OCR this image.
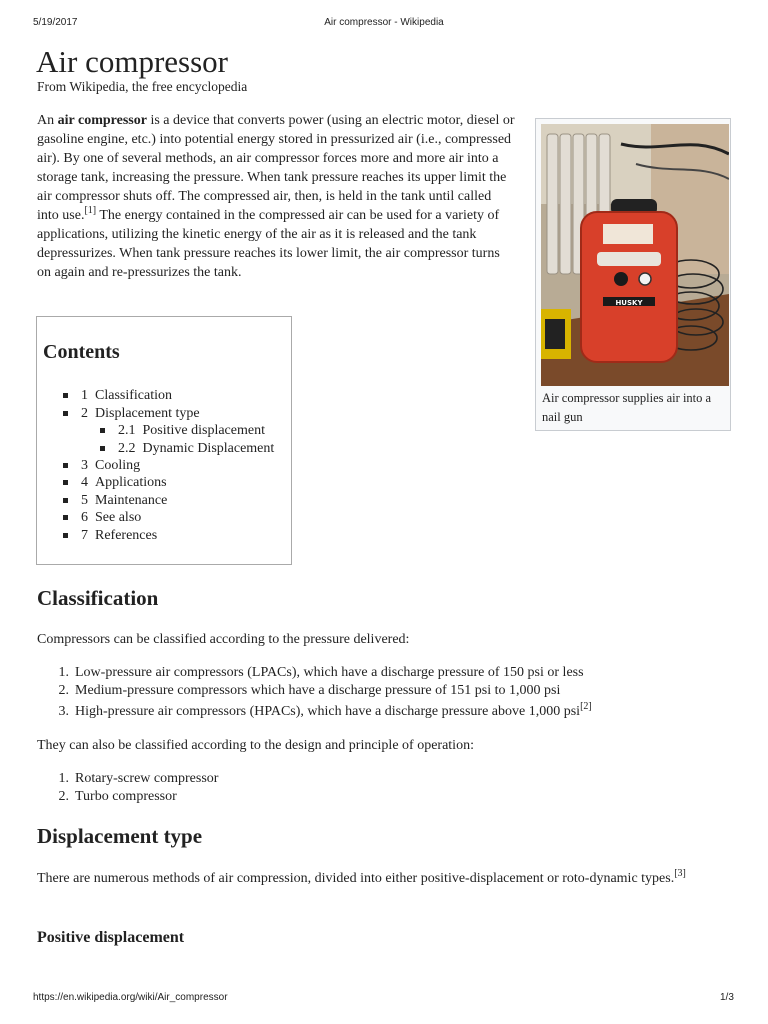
5/19/2017	Air compressor - Wikipedia
Air compressor
From Wikipedia, the free encyclopedia
An air compressor is a device that converts power (using an electric motor, diesel or gasoline engine, etc.) into potential energy stored in pressurized air (i.e., compressed air). By one of several methods, an air compressor forces more and more air into a storage tank, increasing the pressure. When tank pressure reaches its upper limit the air compressor shuts off. The compressed air, then, is held in the tank until called into use.[1] The energy contained in the compressed air can be used for a variety of applications, utilizing the kinetic energy of the air as it is released and the tank depressurizes. When tank pressure reaches its lower limit, the air compressor turns on again and re-pressurizes the tank.
HUSKY
Air compressor supplies air into a nail gun
Contents
1 Classification
2 Displacement type
2.1 Positive displacement
2.2 Dynamic Displacement
3 Cooling
4 Applications
5 Maintenance
6 See also
7 References
Classification
Compressors can be classified according to the pressure delivered:
1. Low-pressure air compressors (LPACs), which have a discharge pressure of 150 psi or less
2. Medium-pressure compressors which have a discharge pressure of 151 psi to 1,000 psi
3. High-pressure air compressors (HPACs), which have a discharge pressure above 1,000 psi[2]
They can also be classified according to the design and principle of operation:
1. Rotary-screw compressor
2. Turbo compressor
Displacement type
There are numerous methods of air compression, divided into either positive-displacement or roto-dynamic types.[3]
Positive displacement
https://en.wikipedia.org/wiki/Air_compressor	1/3
